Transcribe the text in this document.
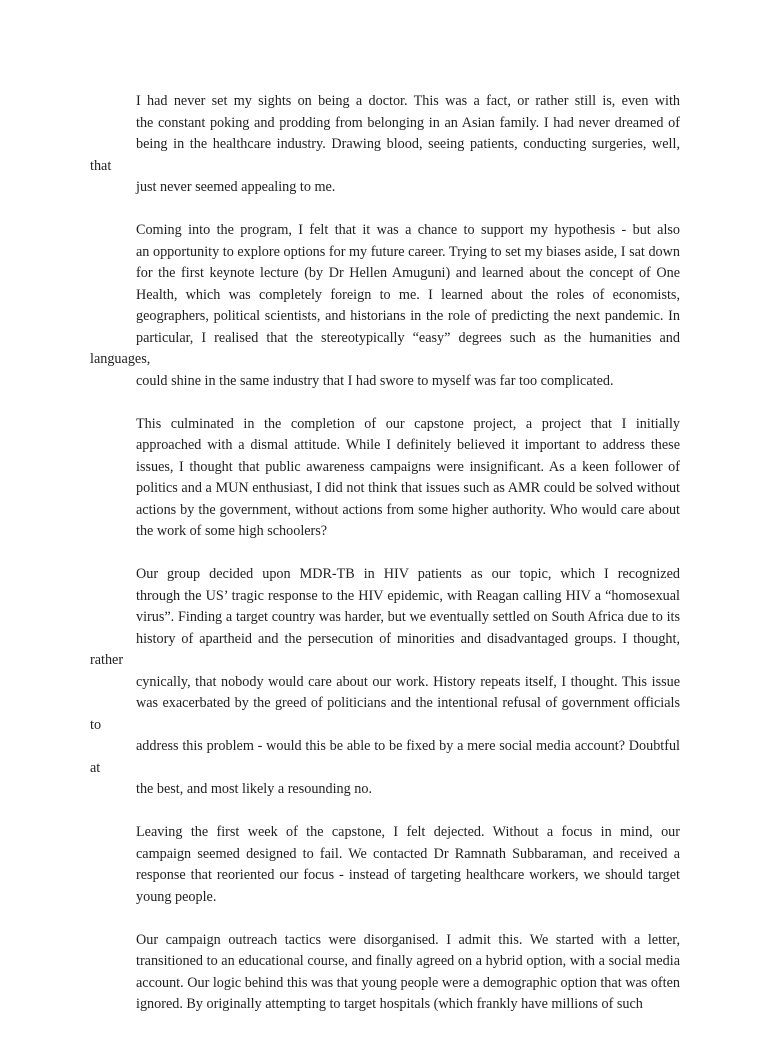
I had never set my sights on being a doctor. This was a fact, or rather still is, even with
the constant poking and prodding from belonging in an Asian family. I had never dreamed of
being in the healthcare industry. Drawing blood, seeing patients, conducting surgeries, well, that
just never seemed appealing to me.

Coming into the program, I felt that it was a chance to support my hypothesis - but also
an opportunity to explore options for my future career. Trying to set my biases aside, I sat down
for the first keynote lecture (by Dr Hellen Amuguni) and learned about the concept of One
Health, which was completely foreign to me. I learned about the roles of economists,
geographers, political scientists, and historians in the role of predicting the next pandemic. In
particular, I realised that the stereotypically “easy” degrees such as the humanities and languages,
could shine in the same industry that I had swore to myself was far too complicated.

This culminated in the completion of our capstone project, a project that I initially
approached with a dismal attitude. While I definitely believed it important to address these
issues, I thought that public awareness campaigns were insignificant. As a keen follower of
politics and a MUN enthusiast, I did not think that issues such as AMR could be solved without
actions by the government, without actions from some higher authority. Who would care about
the work of some high schoolers?

Our group decided upon MDR-TB in HIV patients as our topic, which I recognized
through the US’ tragic response to the HIV epidemic, with Reagan calling HIV a “homosexual
virus”. Finding a target country was harder, but we eventually settled on South Africa due to its
history of apartheid and the persecution of minorities and disadvantaged groups. I thought, rather
cynically, that nobody would care about our work. History repeats itself, I thought. This issue
was exacerbated by the greed of politicians and the intentional refusal of government officials to
address this problem - would this be able to be fixed by a mere social media account? Doubtful at
the best, and most likely a resounding no.

Leaving the first week of the capstone, I felt dejected. Without a focus in mind, our
campaign seemed designed to fail. We contacted Dr Ramnath Subbaraman, and received a
response that reoriented our focus - instead of targeting healthcare workers, we should target
young people.

Our campaign outreach tactics were disorganised. I admit this. We started with a letter,
transitioned to an educational course, and finally agreed on a hybrid option, with a social media
account. Our logic behind this was that young people were a demographic option that was often
ignored. By originally attempting to target hospitals (which frankly have millions of such
